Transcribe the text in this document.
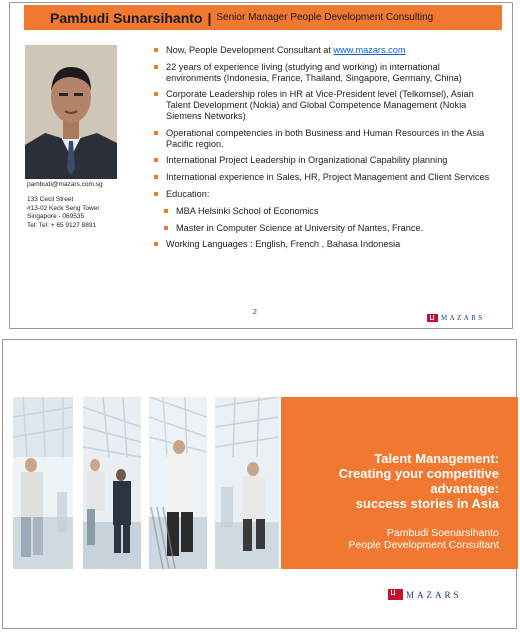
Pambudi Sunarsihanto | Senior Manager People Development Consulting
pambudi@mazars.com.sg
133 Cecil Street
#13-02 Keck Seng Tower
Singapore - 069535
Tel: Tel: + 65 9127 8891
Now, People Development Consultant at www.mazars.com
22 years of experience living (studying and working) in international environments (Indonesia, France, Thailand, Singapore, Germany, China)
Corporate Leadership roles in HR at Vice-President level (Telkomsel), Asian Talent Development (Nokia) and Global Competence Management (Nokia Siemens Networks)
Operational competencies in both Business and Human Resources in the Asia Pacific region.
International Project Leadership in Organizational Capability planning
International experience in Sales, HR, Project Management and Client Services
Education:
MBA Helsinki School of Economics
Master in Computer Science at University of Nantes, France.
Working Languages : English, French , Bahasa Indonesia
2
MAZARS
Talent Management:
Creating your competitive
advantage:
success stories in Asia
Pambudi Soenarsihanto
People Development Consultant
MAZARS
